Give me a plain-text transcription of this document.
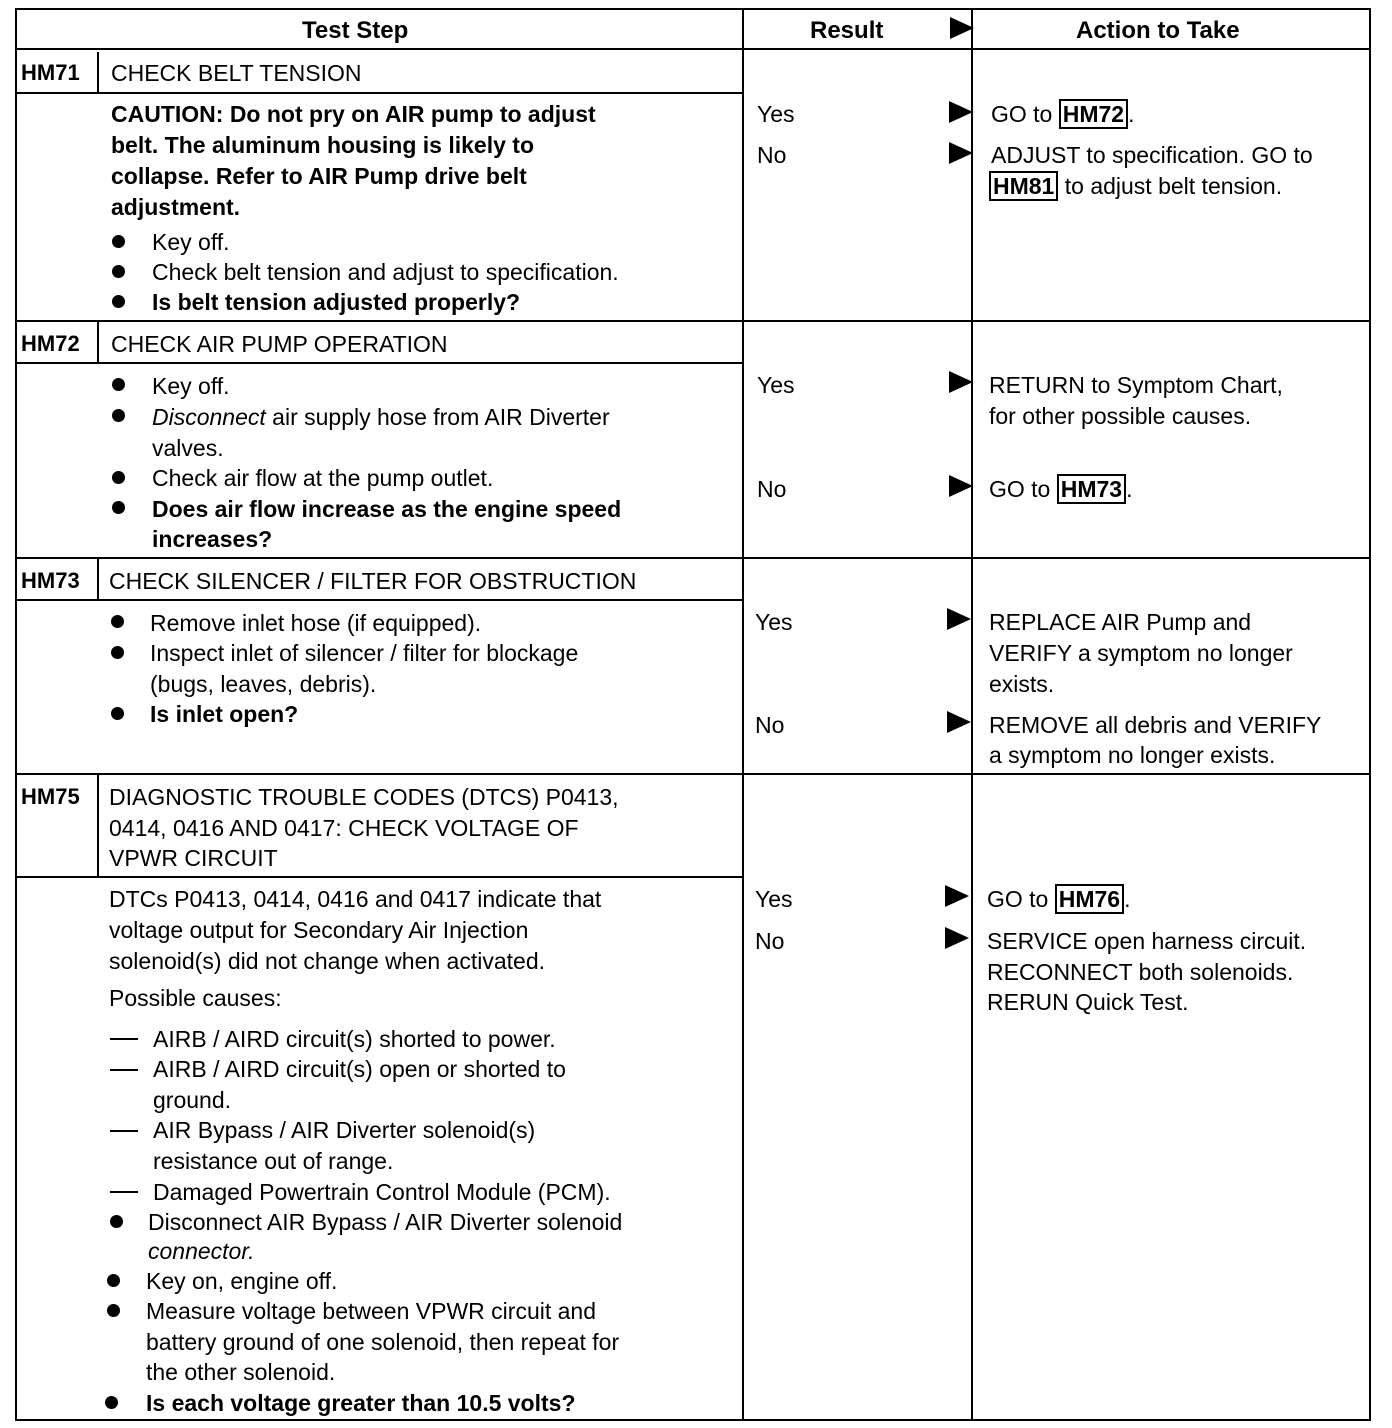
Test Step	Result	Action to Take
HM71 CHECK BELT TENSION
CAUTION: Do not pry on AIR pump to adjust
belt. The aluminum housing is likely to
collapse. Refer to AIR Pump drive belt
adjustment.
Key off.
Check belt tension and adjust to specification.
Is belt tension adjusted properly?
Yes
No
GO to HM72 .
ADJUST to specification. GO to
HM81 to adjust belt tension.
HM72 CHECK AIR PUMP OPERATION
Key off.
Disconnect air supply hose from AIR Diverter
valves.
Check air flow at the pump outlet.
Does air flow increase as the engine speed
increases?
Yes
No
RETURN to Symptom Chart,
for other possible causes.
GO to HM73 .
HM73 CHECK SILENCER / FILTER FOR OBSTRUCTION
Remove inlet hose (if equipped).
Inspect inlet of silencer / filter for blockage
(bugs, leaves, debris).
Is inlet open?
Yes
No
REPLACE AIR Pump and
VERIFY a symptom no longer
exists.
REMOVE all debris and VERIFY
a symptom no longer exists.
HM75 DIAGNOSTIC TROUBLE CODES (DTCS) P0413,
0414, 0416 AND 0417: CHECK VOLTAGE OF
VPWR CIRCUIT
DTCs P0413, 0414, 0416 and 0417 indicate that
voltage output for Secondary Air Injection
solenoid(s) did not change when activated.
Possible causes:
AIRB / AIRD circuit(s) shorted to power.
AIRB / AIRD circuit(s) open or shorted to
ground.
AIR Bypass / AIR Diverter solenoid(s)
resistance out of range.
Damaged Powertrain Control Module (PCM).
Disconnect AIR Bypass / AIR Diverter solenoid
connector.
Key on, engine off.
Measure voltage between VPWR circuit and
battery ground of one solenoid, then repeat for
the other solenoid.
Is each voltage greater than 10.5 volts?
Yes
No
GO to HM76 .
SERVICE open harness circuit.
RECONNECT both solenoids.
RERUN Quick Test.
